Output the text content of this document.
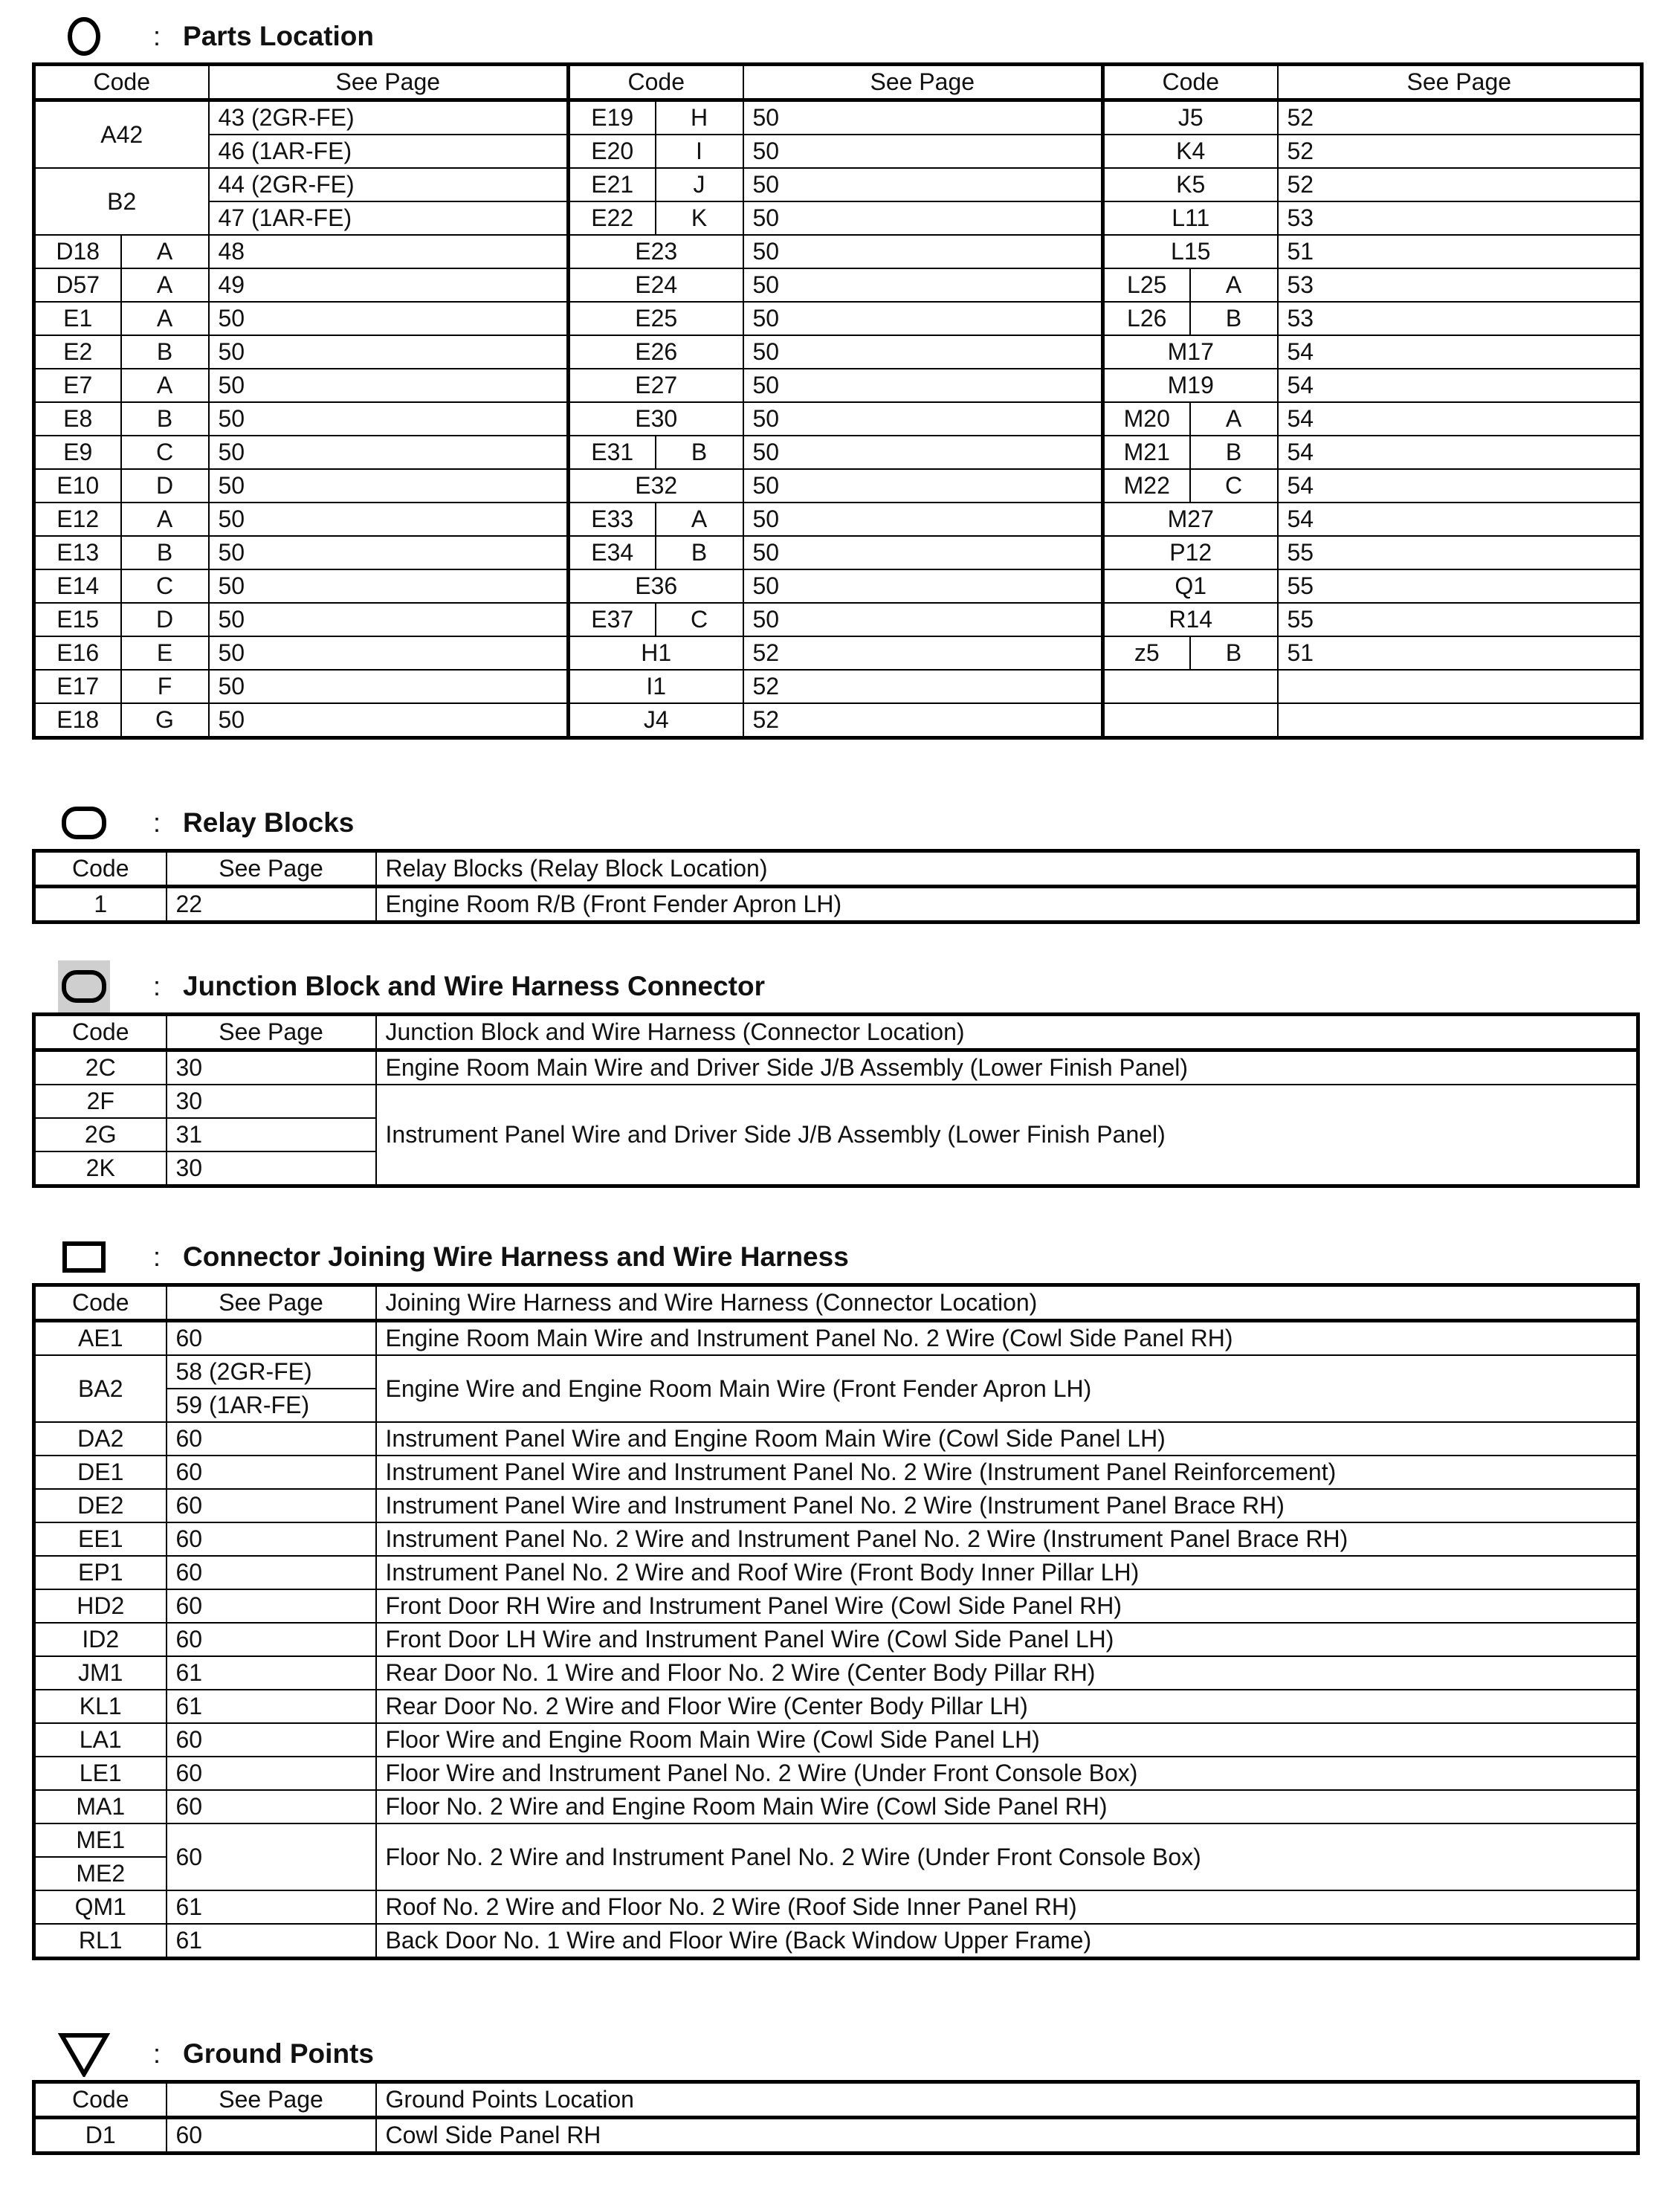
: Parts Location
Code		See Page	Code		See Page	Code		See Page
A42		43 (2GR-FE)	E19	H	50	J5		52
		46 (1AR-FE)	E20	I	50	K4		52
B2		44 (2GR-FE)	E21	J	50	K5		52
		47 (1AR-FE)	E22	K	50	L11		53
D18	A	48	E23		50	L15		51
D57	A	49	E24		50	L25	A	53
E1	A	50	E25		50	L26	B	53
E2	B	50	E26		50	M17		54
E7	A	50	E27		50	M19		54
E8	B	50	E30		50	M20	A	54
E9	C	50	E31	B	50	M21	B	54
E10	D	50	E32		50	M22	C	54
E12	A	50	E33	A	50	M27		54
E13	B	50	E34	B	50	P12		55
E14	C	50	E36		50	Q1		55
E15	D	50	E37	C	50	R14		55
E16	E	50	H1		52	z5	B	51
E17	F	50	I1		52			
E18	G	50	J4		52			
: Relay Blocks
Code	See Page	Relay Blocks (Relay Block Location)
1	22	Engine Room R/B (Front Fender Apron LH)
: Junction Block and Wire Harness Connector
Code	See Page	Junction Block and Wire Harness (Connector Location)
2C	30	Engine Room Main Wire and Driver Side J/B Assembly (Lower Finish Panel)
2F	30	Instrument Panel Wire and Driver Side J/B Assembly (Lower Finish Panel)
2G	31	
2K	30	
: Connector Joining Wire Harness and Wire Harness
Code	See Page	Joining Wire Harness and Wire Harness (Connector Location)
AE1	60	Engine Room Main Wire and Instrument Panel No. 2 Wire (Cowl Side Panel RH)
BA2	58 (2GR-FE)	Engine Wire and Engine Room Main Wire (Front Fender Apron LH)
	59 (1AR-FE)	
DA2	60	Instrument Panel Wire and Engine Room Main Wire (Cowl Side Panel LH)
DE1	60	Instrument Panel Wire and Instrument Panel No. 2 Wire (Instrument Panel Reinforcement)
DE2	60	Instrument Panel Wire and Instrument Panel No. 2 Wire (Instrument Panel Brace RH)
EE1	60	Instrument Panel No. 2 Wire and Instrument Panel No. 2 Wire (Instrument Panel Brace RH)
EP1	60	Instrument Panel No. 2 Wire and Roof Wire (Front Body Inner Pillar LH)
HD2	60	Front Door RH Wire and Instrument Panel Wire (Cowl Side Panel RH)
ID2	60	Front Door LH Wire and Instrument Panel Wire (Cowl Side Panel LH)
JM1	61	Rear Door No. 1 Wire and Floor No. 2 Wire (Center Body Pillar RH)
KL1	61	Rear Door No. 2 Wire and Floor Wire (Center Body Pillar LH)
LA1	60	Floor Wire and Engine Room Main Wire (Cowl Side Panel LH)
LE1	60	Floor Wire and Instrument Panel No. 2 Wire (Under Front Console Box)
MA1	60	Floor No. 2 Wire and Engine Room Main Wire (Cowl Side Panel RH)
ME1	60	Floor No. 2 Wire and Instrument Panel No. 2 Wire (Under Front Console Box)
ME2		
QM1	61	Roof No. 2 Wire and Floor No. 2 Wire (Roof Side Inner Panel RH)
RL1	61	Back Door No. 1 Wire and Floor Wire (Back Window Upper Frame)
: Ground Points
Code	See Page	Ground Points Location
D1	60	Cowl Side Panel RH
